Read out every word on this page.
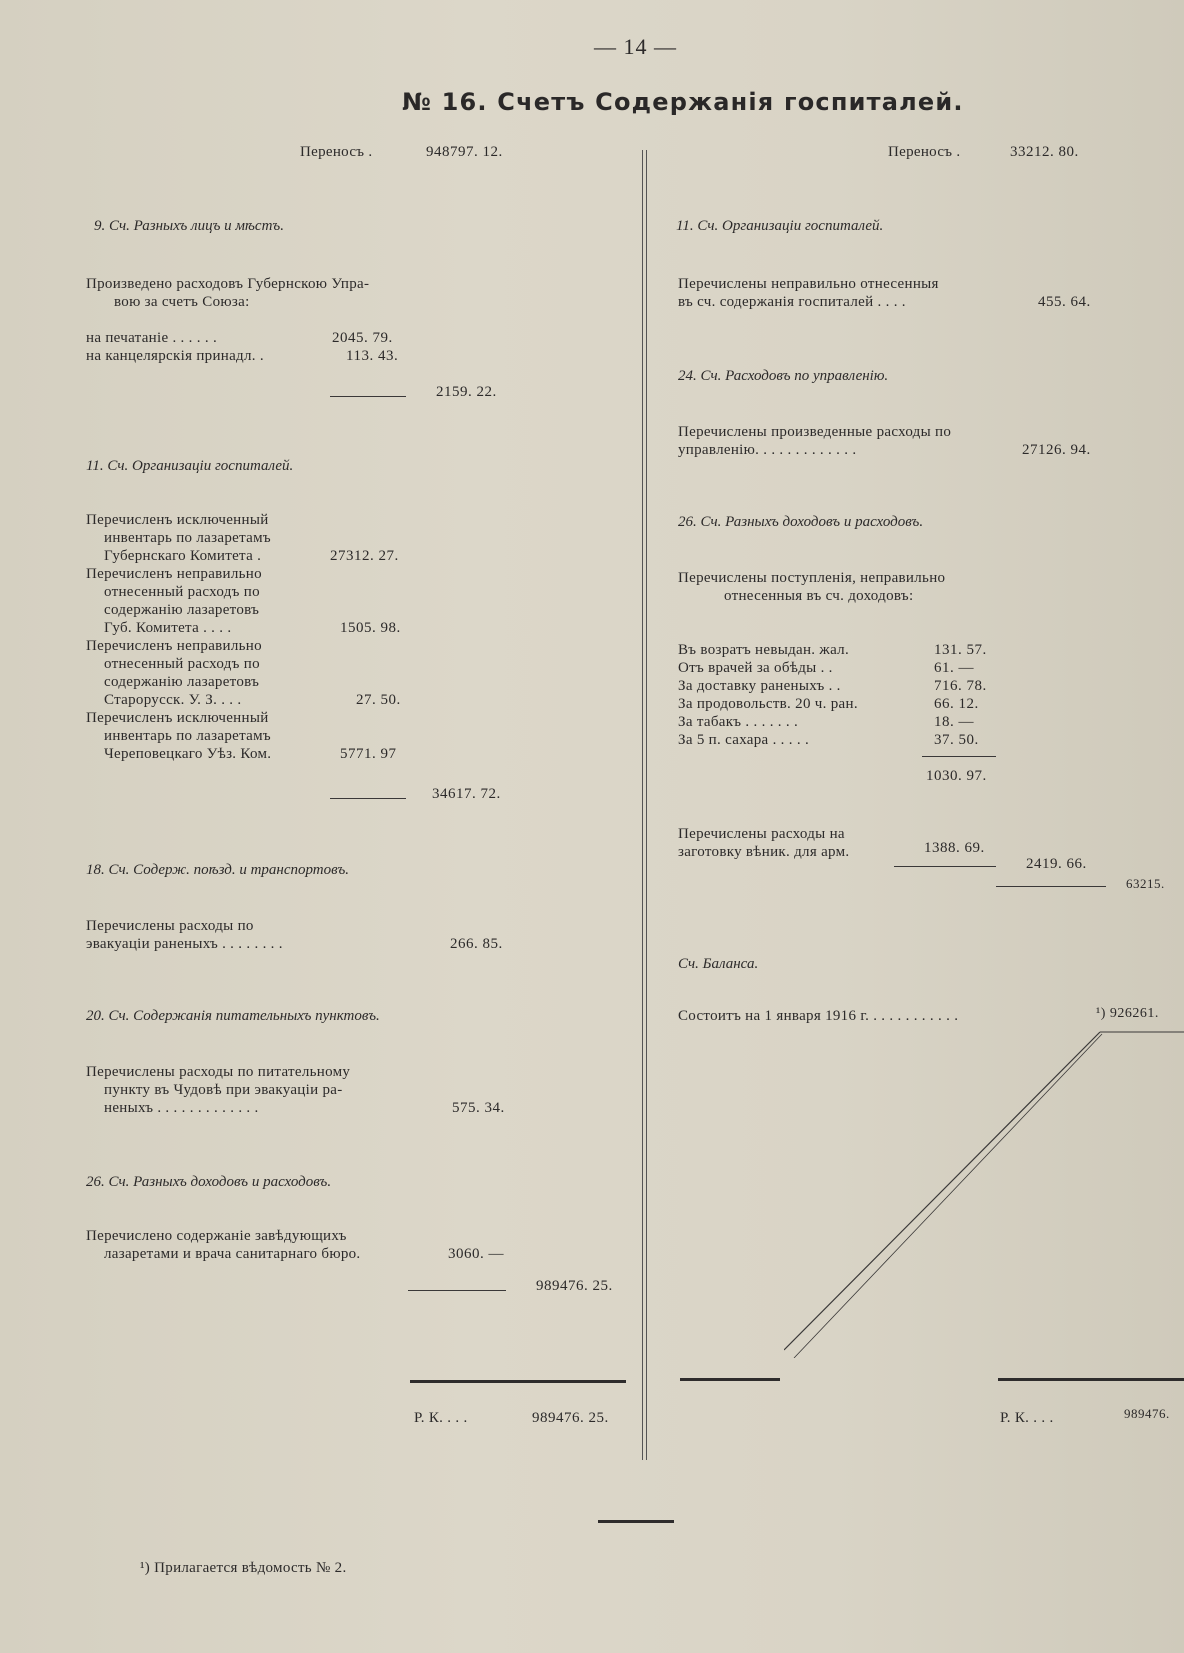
— 14 —
№ 16. Счетъ Содержанія госпиталей.
Переносъ .	948797. 12.
9. Сч. Разныхъ лицъ и мѣстъ.
Произведено расходовъ Губернскою Упра-
вою за счетъ Союза:
на печатаніе . . . . . .	2045. 79.
на канцелярскія принадл. .	113. 43.
2159. 22.
11. Сч. Организаціи госпиталей.
Перечисленъ исключенный
инвентарь по лазаретамъ
Губернскаго Комитета .	27312. 27.
Перечисленъ неправильно
отнесенный расходъ по
содержанію лазаретовъ
Губ. Комитета . . . .	1505. 98.
Перечисленъ неправильно
отнесенный расходъ по
содержанію лазаретовъ
Старорусск. У. З. . . .	27. 50.
Перечисленъ исключенный
инвентарь по лазаретамъ
Череповецкаго Уѣз. Ком.	5771. 97
34617. 72.
18. Сч. Содерж. поѣзд. и транспортовъ.
Перечислены расходы по
эвакуаціи раненыхъ . . . . . . . .	266. 85.
20. Сч. Содержанія питательныхъ пунктовъ.
Перечислены расходы по питательному
пункту въ Чудовѣ при эвакуаціи ра-
неныхъ . . . . . . . . . . . . .	575. 34.
26. Сч. Разныхъ доходовъ и расходовъ.
Перечислено содержаніе завѣдующихъ
лазаретами и врача санитарнаго бюро.	3060. —
989476. 25.
Р. К. . . .	989476. 25.
Переносъ .	33212. 80.
11. Сч. Организаціи госпиталей.
Перечислены неправильно отнесенныя
въ сч. содержанія госпиталей . . . .	455. 64.
24. Сч. Расходовъ по управленію.
Перечислены произведенные расходы по
управленію. . . . . . . . . . . . .	27126. 94.
26. Сч. Разныхъ доходовъ и расходовъ.
Перечислены поступленія, неправильно
отнесенныя въ сч. доходовъ:
Въ возратъ невыдан. жал.	131. 57.
Отъ врачей за обѣды . .	61. —
За доставку раненыхъ . .	716. 78.
За продовольств. 20 ч. ран.	66. 12.
За табакъ . . . . . . .	18. —
За 5 п. сахара . . . . .	37. 50.
1030. 97.
Перечислены расходы на
заготовку вѣник. для арм.	1388. 69.
2419. 66.
63215.
Сч. Баланса.
Состоитъ на 1 января 1916 г. . . . . . . . . . . .	¹) 926261.
Р. К. . . .	989476.
¹) Прилагается вѣдомость № 2.
